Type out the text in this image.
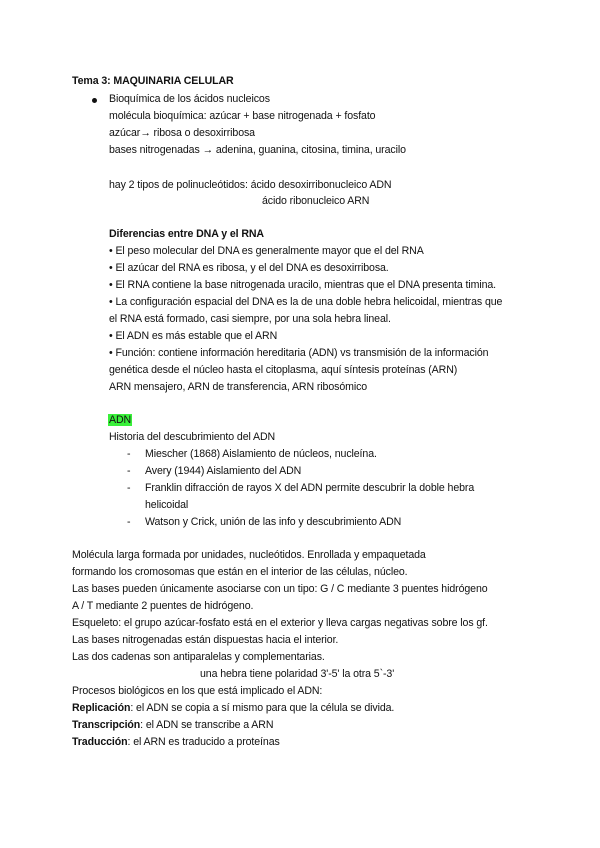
Tema 3: MAQUINARIA CELULAR
Bioquímica de los ácidos nucleicos
molécula bioquímica: azúcar + base nitrogenada + fosfato
azúcar→ ribosa o desoxirribosa
bases nitrogenadas → adenina, guanina, citosina, timina, uracilo
hay 2 tipos de polinucleótidos: ácido desoxirribonucleico ADN
ácido ribonucleico ARN
Diferencias entre DNA y el RNA
• El peso molecular del DNA es generalmente mayor que el del RNA
• El azúcar del RNA es ribosa, y el del DNA es desoxirribosa.
• El RNA contiene la base nitrogenada uracilo, mientras que el DNA presenta timina.
• La configuración espacial del DNA es la de una doble hebra helicoidal, mientras que
el RNA está formado, casi siempre, por una sola hebra lineal.
• El ADN es más estable que el ARN
• Función: contiene información hereditaria (ADN) vs transmisión de la información
genética desde el núcleo hasta el citoplasma, aquí síntesis proteínas (ARN)
ARN mensajero, ARN de transferencia, ARN ribosómico
ADN
Historia del descubrimiento del ADN
- Miescher (1868) Aislamiento de núcleos, nucleína.
- Avery (1944) Aislamiento del ADN
- Franklin difracción de rayos X del ADN permite descubrir la doble hebra
helicoidal
- Watson y Crick, unión de las info y descubrimiento ADN
Molécula larga formada por unidades, nucleótidos. Enrollada y empaquetada
formando los cromosomas que están en el interior de las células, núcleo.
Las bases pueden únicamente asociarse con un tipo: G / C mediante 3 puentes hidrógeno
A / T mediante 2 puentes de hidrógeno.
Esqueleto: el grupo azúcar-fosfato está en el exterior y lleva cargas negativas sobre los gf.
Las bases nitrogenadas están dispuestas hacia el interior.
Las dos cadenas son antiparalelas y complementarias.
una hebra tiene polaridad 3'-5' la otra 5`-3'
Procesos biológicos en los que está implicado el ADN:
Replicación: el ADN se copia a sí mismo para que la célula se divida.
Transcripción: el ADN se transcribe a ARN
Traducción: el ARN es traducido a proteínas
